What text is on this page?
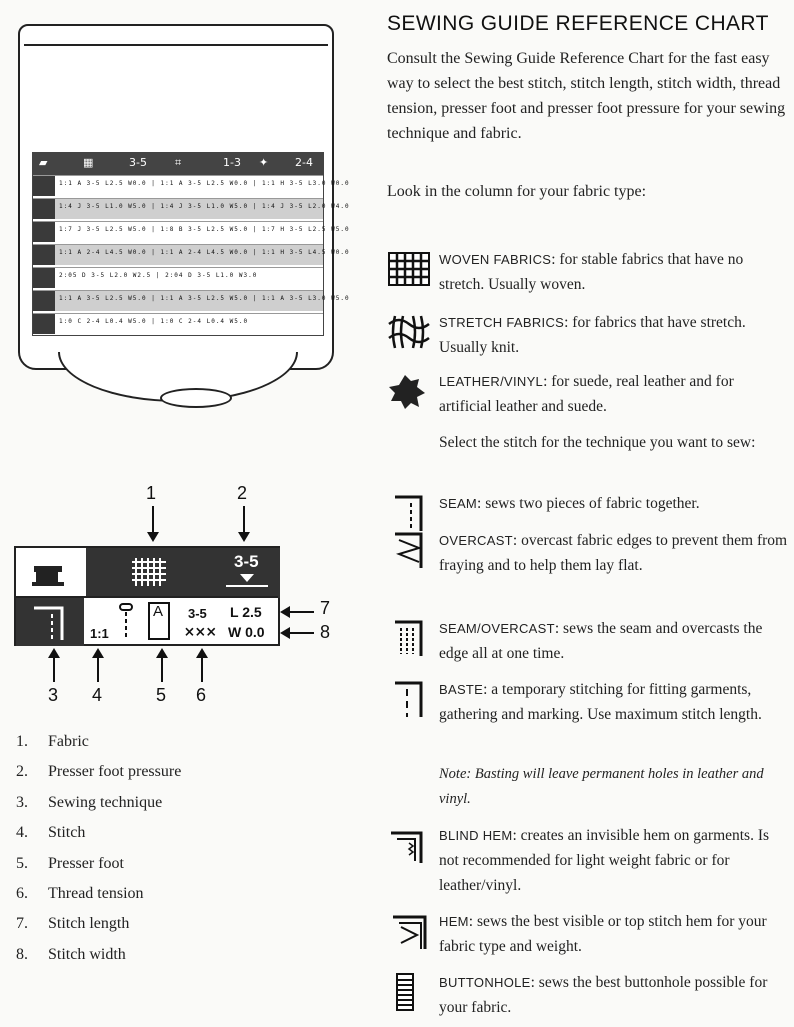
▰	▦	3-5	⌗	1-3 ✦ 2-4
1:1 A 3-5 L2.5 W0.0 | 1:1 A 3-5 L2.5 W0.0 | 1:1 H 3-5 L3.0 W0.0
1:4 J 3-5 L1.0 W5.0 | 1:4 J 3-5 L1.0 W5.0 | 1:4 J 3-5 L2.0 W4.0
1:7 J 3-5 L2.5 W5.0 | 1:8 B 3-5 L2.5 W5.0 | 1:7 H 3-5 L2.5 W5.0
1:1 A 2-4 L4.5 W0.0 | 1:1 A 2-4 L4.5 W0.0 | 1:1 H 3-5 L4.5 W0.0
2:05 D 3-5 L2.0 W2.5 | 2:04 D 3-5 L1.0 W3.0
1:1 A 3-5 L2.5 W5.0 | 1:1 A 3-5 L2.5 W5.0 | 1:1 A 3-5 L3.0 W5.0
1:0 C 2-4 L0.4 W5.0 | 1:0 C 2-4 L0.4 W5.0
1	2
3-5
1:1
A 3-5
⨯⨯⨯
L 2.5
W 0.0
7
8
3 4	5 6
1.	Fabric
2.	Presser foot pressure
3.	Sewing technique
4.	Stitch
5.	Presser foot
6.	Thread tension
7.	Stitch length
8.	Stitch width
SEWING GUIDE REFERENCE CHART
Consult the Sewing Guide Reference Chart for the fast easy way to select the best stitch, stitch length, stitch width, thread tension, presser foot and presser foot pressure for your sewing technique and fabric.
Look in the column for your fabric type:
WOVEN FABRICS: for stable fabrics that have no stretch. Usually woven.
STRETCH FABRICS: for fabrics that have stretch. Usually knit.
LEATHER/VINYL: for suede, real leather and for artificial leather and suede.
Select the stitch for the technique you want to sew:
SEAM: sews two pieces of fabric together.
OVERCAST: overcast fabric edges to prevent them from fraying and to help them lay flat.
SEAM/OVERCAST: sews the seam and overcasts the edge all at one time.
BASTE: a temporary stitching for fitting garments, gathering and marking. Use maximum stitch length.
Note: Basting will leave permanent holes in leather and vinyl.
BLIND HEM: creates an invisible hem on garments. Is not recommended for light weight fabric or for leather/vinyl.
HEM: sews the best visible or top stitch hem for your fabric type and weight.
BUTTONHOLE: sews the best buttonhole possible for your fabric.
